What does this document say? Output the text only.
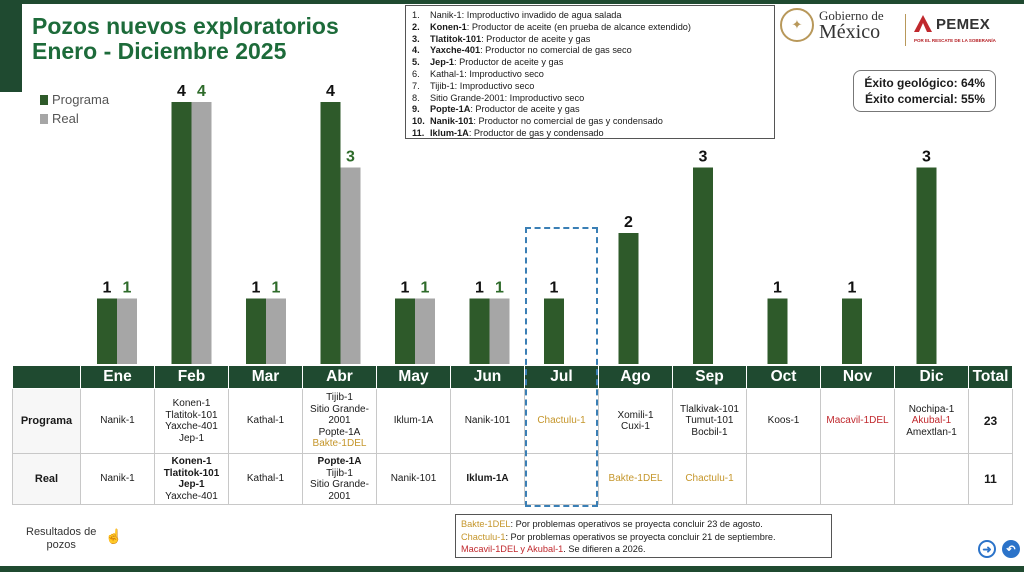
Pozos nuevos exploratorios
Enero - Diciembre 2025
Programa
Real
1.	Nanik-1: Improductivo invadido de agua salada
2.	Konen-1 : Productor de aceite (en prueba de alcance extendido)
3.	Tlatitok-101 : Productor de aceite y gas
4.	Yaxche-401 : Productor no comercial de gas seco
5.	Jep-1 : Productor de aceite y gas
6.	Kathal-1: Improductivo seco
7.	Tijib-1: Improductivo seco
8.	Sitio Grande-2001: Improductivo seco
9.	Popte-1A : Productor de aceite y gas
10. Nanik-101 : Productor no comercial de gas y condensado
11. Iklum-1A : Productor de gas y condensado
✦
Gobierno de
México	PEMEX
POR EL RESCATE DE LA SOBERANÍA
Éxito geológico: 64%
Éxito comercial: 55%
1 1
4 4
1 1
4
3
1 1	1 1	1
2
3
1	1
3
	Ene	Feb	Mar	Abr	May	Jun	Jul	Ago	Sep	Oct	Nov	Dic	Total
Programa	Nanik-1	Konen-1
Tlatitok-101
Yaxche-401
Jep-1	Kathal-1	Tijib-1
Sitio Grande-
2001
Popte-1A
Bakte-1DEL	Iklum-1A	Nanik-101	Chactulu-1	Xomili-1
Cuxi-1	Tlalkivak-101
Tumut-101
Bocbil-1	Koos-1	Macavil-1DEL	Nochipa-1
Akubal-1
Amextlan-1	23
Real	Nanik-1	Konen-1
Tlatitok-101
Jep-1
Yaxche-401	Kathal-1	Popte-1A
Tijib-1
Sitio Grande-
2001	Nanik-101	Iklum-1A		Bakte-1DEL	Chactulu-1				11
Resultados de
pozos
☝
Bakte-1DEL: Por problemas operativos se proyecta concluir 23 de agosto.
Chactulu-1: Por problemas operativos se proyecta concluir 21 de septiembre.
Macavil-1DEL y Akubal-1. Se difieren a 2026.	➜	↶
